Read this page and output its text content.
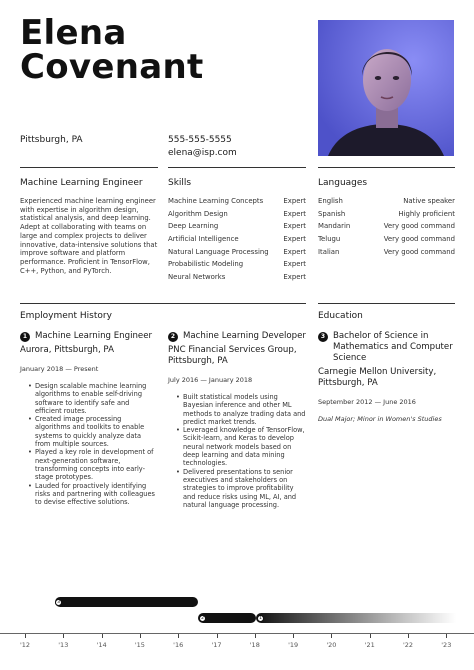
Elena
Covenant
Pittsburgh, PA	555-555-5555
elena@isp.com
Machine Learning Engineer	Skills	Languages
Experienced machine learning engineer with expertise in algorithm design, statistical analysis, and deep learning. Adept at collaborating with teams on large and complex projects to deliver innovative, data-intensive solutions that improve software and platform performance. Proficient in TensorFlow, C++, Python, and PyTorch.
Machine Learning Concepts	Expert
Algorithm Design	Expert
Deep Learning	Expert
Artificial Intelligence	Expert
Natural Language Processing Expert
Probabilistic Modeling	Expert
Neural Networks	Expert
English	Native speaker
Spanish	Highly proficient
Mandarin	Very good command
Telugu	Very good command
Italian	Very good command
Employment History	Education
1 Machine Learning Engineer
Aurora, Pittsburgh, PA
January 2018 — Present
• Design scalable machine learning algorithms to enable self-driving software to identify safe and efficient routes.
• Created image processing algorithms and toolkits to enable systems to quickly analyze data from multiple sources.
• Played a key role in development of next-generation software, transforming concepts into early-stage prototypes.
• Lauded for proactively identifying risks and partnering with colleagues to devise effective solutions.
2 Machine Learning Developer
PNC Financial Services Group, Pittsburgh, PA
July 2016 — January 2018
• Built statistical models using Bayesian inference and other ML methods to analyze trading data and predict market trends.
• Leveraged knowledge of TensorFlow, Scikit-learn, and Keras to develop neural network models based on deep learning and data mining technologies.
• Delivered presentations to senior executives and stakeholders on strategies to improve profitability and reduce risks using ML, AI, and natural language processing.
3 Bachelor of Science in Mathematics and Computer Science
Carnegie Mellon University, Pittsburgh, PA
September 2012 — June 2016
Dual Major; Minor in Women's Studies
3
2	1
'12	'13	'14	'15	'16	'17	'18	'19	'20	'21	'22	'23
